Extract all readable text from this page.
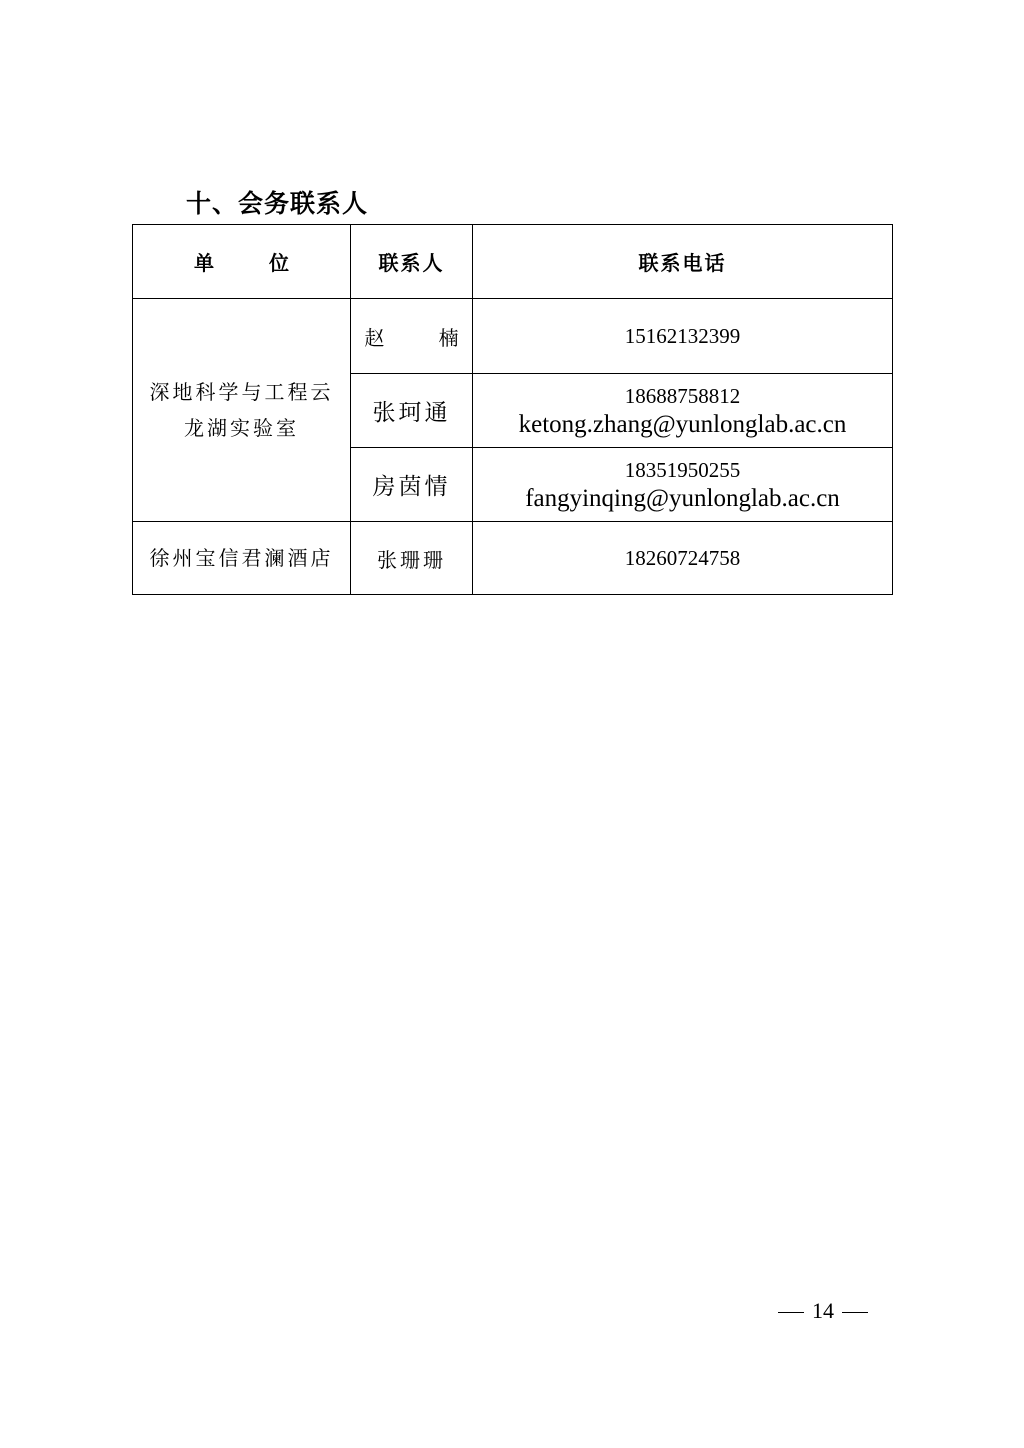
十、会务联系人
单 位	联系人	联系电话

深地科学与工程云
龙湖实验室	赵 楠	15162132399

	张珂通	18688758812
ketong.zhang@yunlonglab.ac.cn

	房茵情	18351950255
fangyinqing@yunlonglab.ac.cn

徐州宝信君澜酒店	张珊珊	18260724758
14
